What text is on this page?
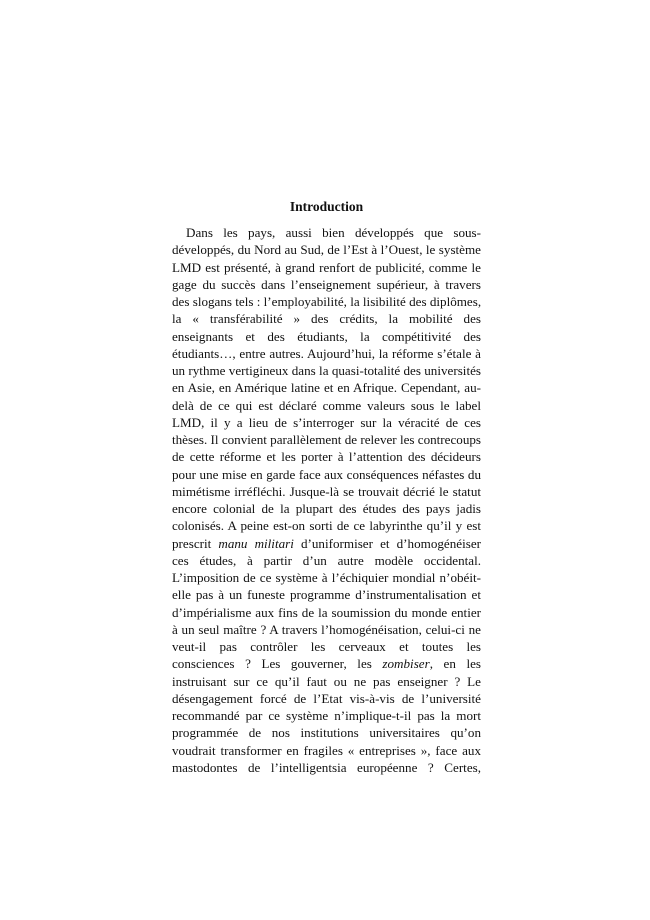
Introduction
Dans les pays, aussi bien développés que sous-
développés, du Nord au Sud, de l’Est à l’Ouest, le système
LMD est présenté, à grand renfort de publicité, comme le
gage du succès dans l’enseignement supérieur, à travers
des slogans tels : l’employabilité, la lisibilité des diplômes,
la « transférabilité » des crédits, la mobilité des
enseignants et des étudiants, la compétitivité des
étudiants…, entre autres. Aujourd’hui, la réforme s’étale à
un rythme vertigineux dans la quasi-totalité des universités
en Asie, en Amérique latine et en Afrique. Cependant, au-
delà de ce qui est déclaré comme valeurs sous le label
LMD, il y a lieu de s’interroger sur la véracité de ces
thèses. Il convient parallèlement de relever les contrecoups
de cette réforme et les porter à l’attention des décideurs
pour une mise en garde face aux conséquences néfastes du
mimétisme irréfléchi. Jusque-là se trouvait décrié le statut
encore colonial de la plupart des études des pays jadis
colonisés. A peine est-on sorti de ce labyrinthe qu’il y est
prescrit manu militari d’uniformiser et d’homogénéiser
ces études, à partir d’un autre modèle occidental.
L’imposition de ce système à l’échiquier mondial n’obéit-
elle pas à un funeste programme d’instrumentalisation et
d’impérialisme aux fins de la soumission du monde entier
à un seul maître ? A travers l’homogénéisation, celui-ci ne
veut-il pas contrôler les cerveaux et toutes les
consciences ? Les gouverner, les zombiser, en les
instruisant sur ce qu’il faut ou ne pas enseigner ? Le
désengagement forcé de l’Etat vis-à-vis de l’université
recommandé par ce système n’implique-t-il pas la mort
programmée de nos institutions universitaires qu’on
voudrait transformer en fragiles « entreprises », face aux
mastodontes de l’intelligentsia européenne ? Certes,
